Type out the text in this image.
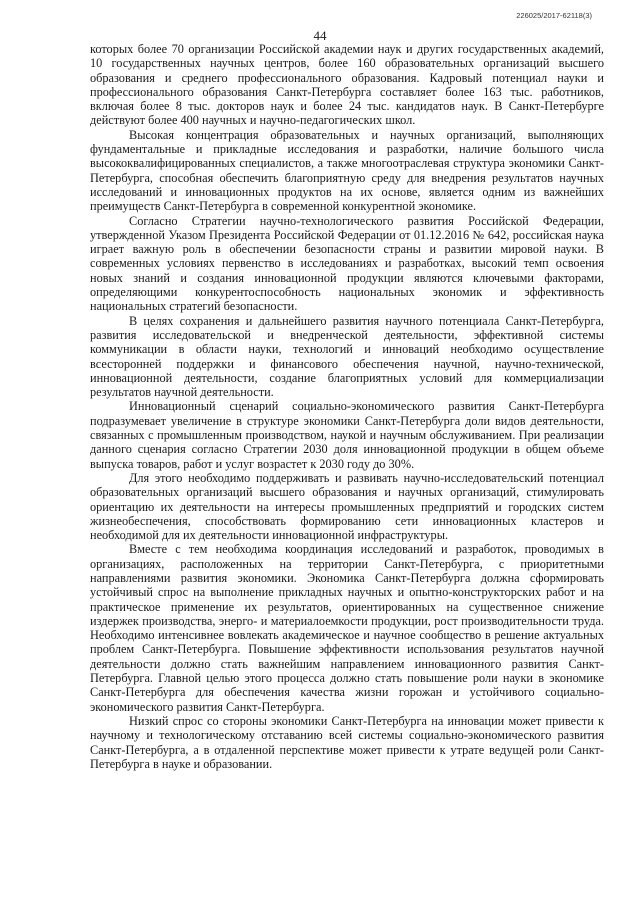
226025/2017-62118(3)
44

которых более 70 организации Российской академии наук и других государственных академий, 10 государственных научных центров, более 160 образовательных организаций высшего образования и среднего профессионального образования. Кадровый потенциал науки и профессионального образования Санкт-Петербурга составляет более 163 тыс. работников, включая более 8 тыс. докторов наук и более 24 тыс. кандидатов наук. В Санкт-Петербурге действуют более 400 научных и научно-педагогических школ.

Высокая концентрация образовательных и научных организаций, выполняющих фундаментальные и прикладные исследования и разработки, наличие большого числа высококвалифицированных специалистов, а также многоотраслевая структура экономики Санкт-Петербурга, способная обеспечить благоприятную среду для внедрения результатов научных исследований и инновационных продуктов на их основе, является одним из важнейших преимуществ Санкт-Петербурга в современной конкурентной экономике.

Согласно Стратегии научно-технологического развития Российской Федерации, утвержденной Указом Президента Российской Федерации от 01.12.2016 № 642, российская наука играет важную роль в обеспечении безопасности страны и развитии мировой науки. В современных условиях первенство в исследованиях и разработках, высокий темп освоения новых знаний и создания инновационной продукции являются ключевыми факторами, определяющими конкурентоспособность национальных экономик и эффективность национальных стратегий безопасности.

В целях сохранения и дальнейшего развития научного потенциала Санкт-Петербурга, развития исследовательской и внедренческой деятельности, эффективной системы коммуникации в области науки, технологий и инноваций необходимо осуществление всесторонней поддержки и финансового обеспечения научной, научно-технической, инновационной деятельности, создание благоприятных условий для коммерциализации результатов научной деятельности.

Инновационный сценарий социально-экономического развития Санкт-Петербурга подразумевает увеличение в структуре экономики Санкт-Петербурга доли видов деятельности, связанных с промышленным производством, наукой и научным обслуживанием. При реализации данного сценария согласно Стратегии 2030 доля инновационной продукции в общем объеме выпуска товаров, работ и услуг возрастет к 2030 году до 30%.

Для этого необходимо поддерживать и развивать научно-исследовательский потенциал образовательных организаций высшего образования и научных организаций, стимулировать ориентацию их деятельности на интересы промышленных предприятий и городских систем жизнеобеспечения, способствовать формированию сети инновационных кластеров и необходимой для их деятельности инновационной инфраструктуры.

Вместе с тем необходима координация исследований и разработок, проводимых в организациях, расположенных на территории Санкт-Петербурга, с приоритетными направлениями развития экономики. Экономика Санкт-Петербурга должна сформировать устойчивый спрос на выполнение прикладных научных и опытно-конструкторских работ и на практическое применение их результатов, ориентированных на существенное снижение издержек производства, энерго- и материалоемкости продукции, рост производительности труда. Необходимо интенсивнее вовлекать академическое и научное сообщество в решение актуальных проблем Санкт-Петербурга. Повышение эффективности использования результатов научной деятельности должно стать важнейшим направлением инновационного развития Санкт-Петербурга. Главной целью этого процесса должно стать повышение роли науки в экономике Санкт-Петербурга для обеспечения качества жизни горожан и устойчивого социально-экономического развития Санкт-Петербурга.

Низкий спрос со стороны экономики Санкт-Петербурга на инновации может привести к научному и технологическому отставанию всей системы социально-экономического развития Санкт-Петербурга, а в отдаленной перспективе может привести к утрате ведущей роли Санкт-Петербурга в науке и образовании.
